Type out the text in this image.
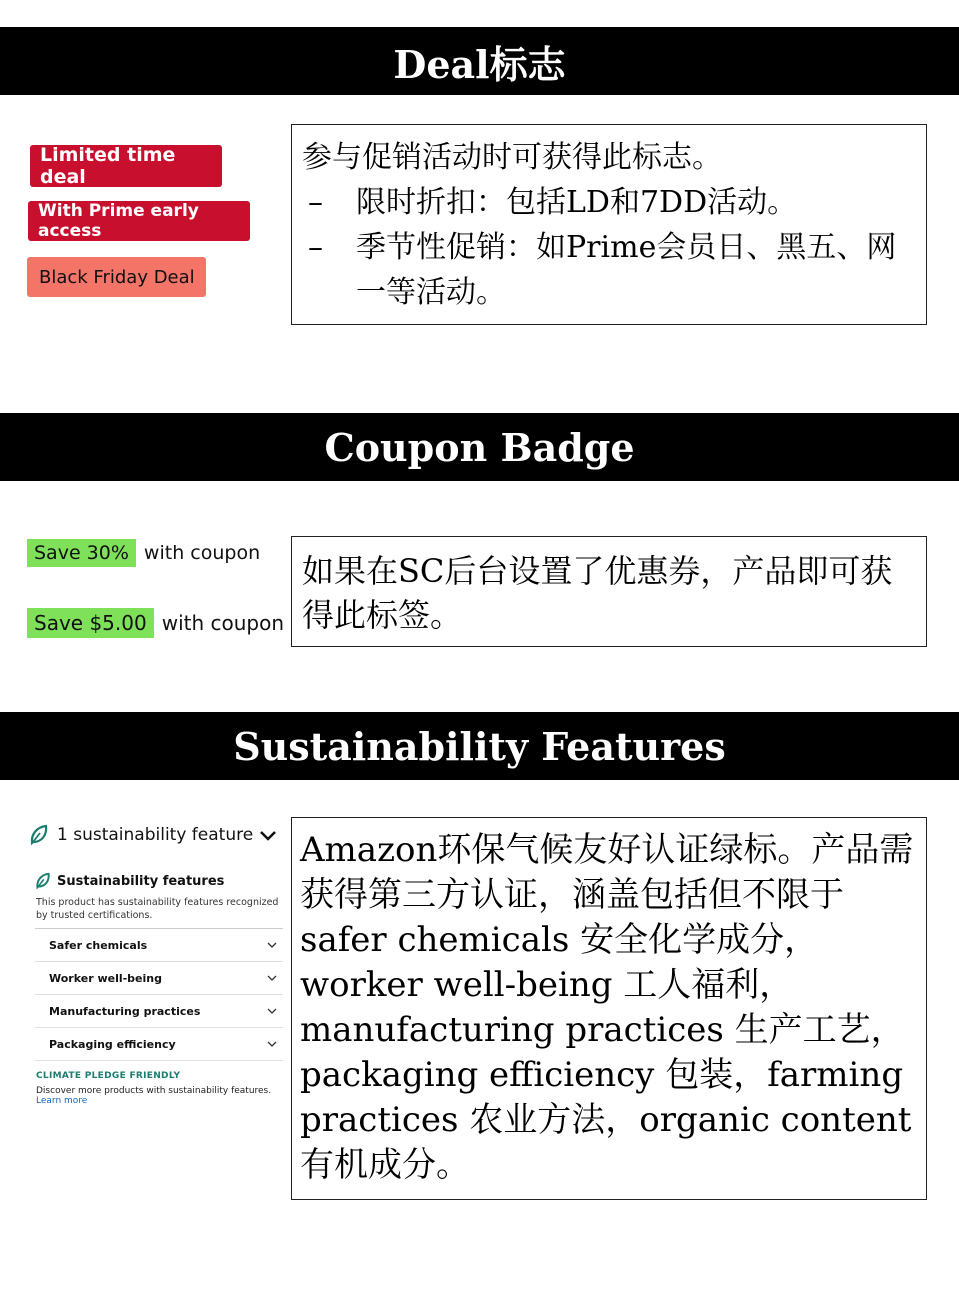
Deal标志
Limited time deal
With Prime early access
Black Friday Deal
参与促销活动时可获得此标志。
–	限时折扣：包括LD和7DD活动。
–	季节性促销：如Prime会员日、黑五、网一等活动。
Coupon Badge
Save 30% with coupon
Save $5.00 with coupon
如果在SC后台设置了优惠券，产品即可获得此标签。
Sustainability Features
1 sustainability feature
Sustainability features
This product has sustainability features recognized by trusted certifications.
Safer chemicals
Worker well-being
Manufacturing practices
Packaging efficiency
CLIMATE PLEDGE FRIENDLY
Discover more products with sustainability features.
Learn more
Amazon环保气候友好认证绿标。产品需获得第三方认证，涵盖包括但不限于safer chemicals 安全化学成分，worker well-being 工人福利，manufacturing practices 生产工艺，packaging efficiency 包装，farming practices 农业方法，organic content 有机成分。
